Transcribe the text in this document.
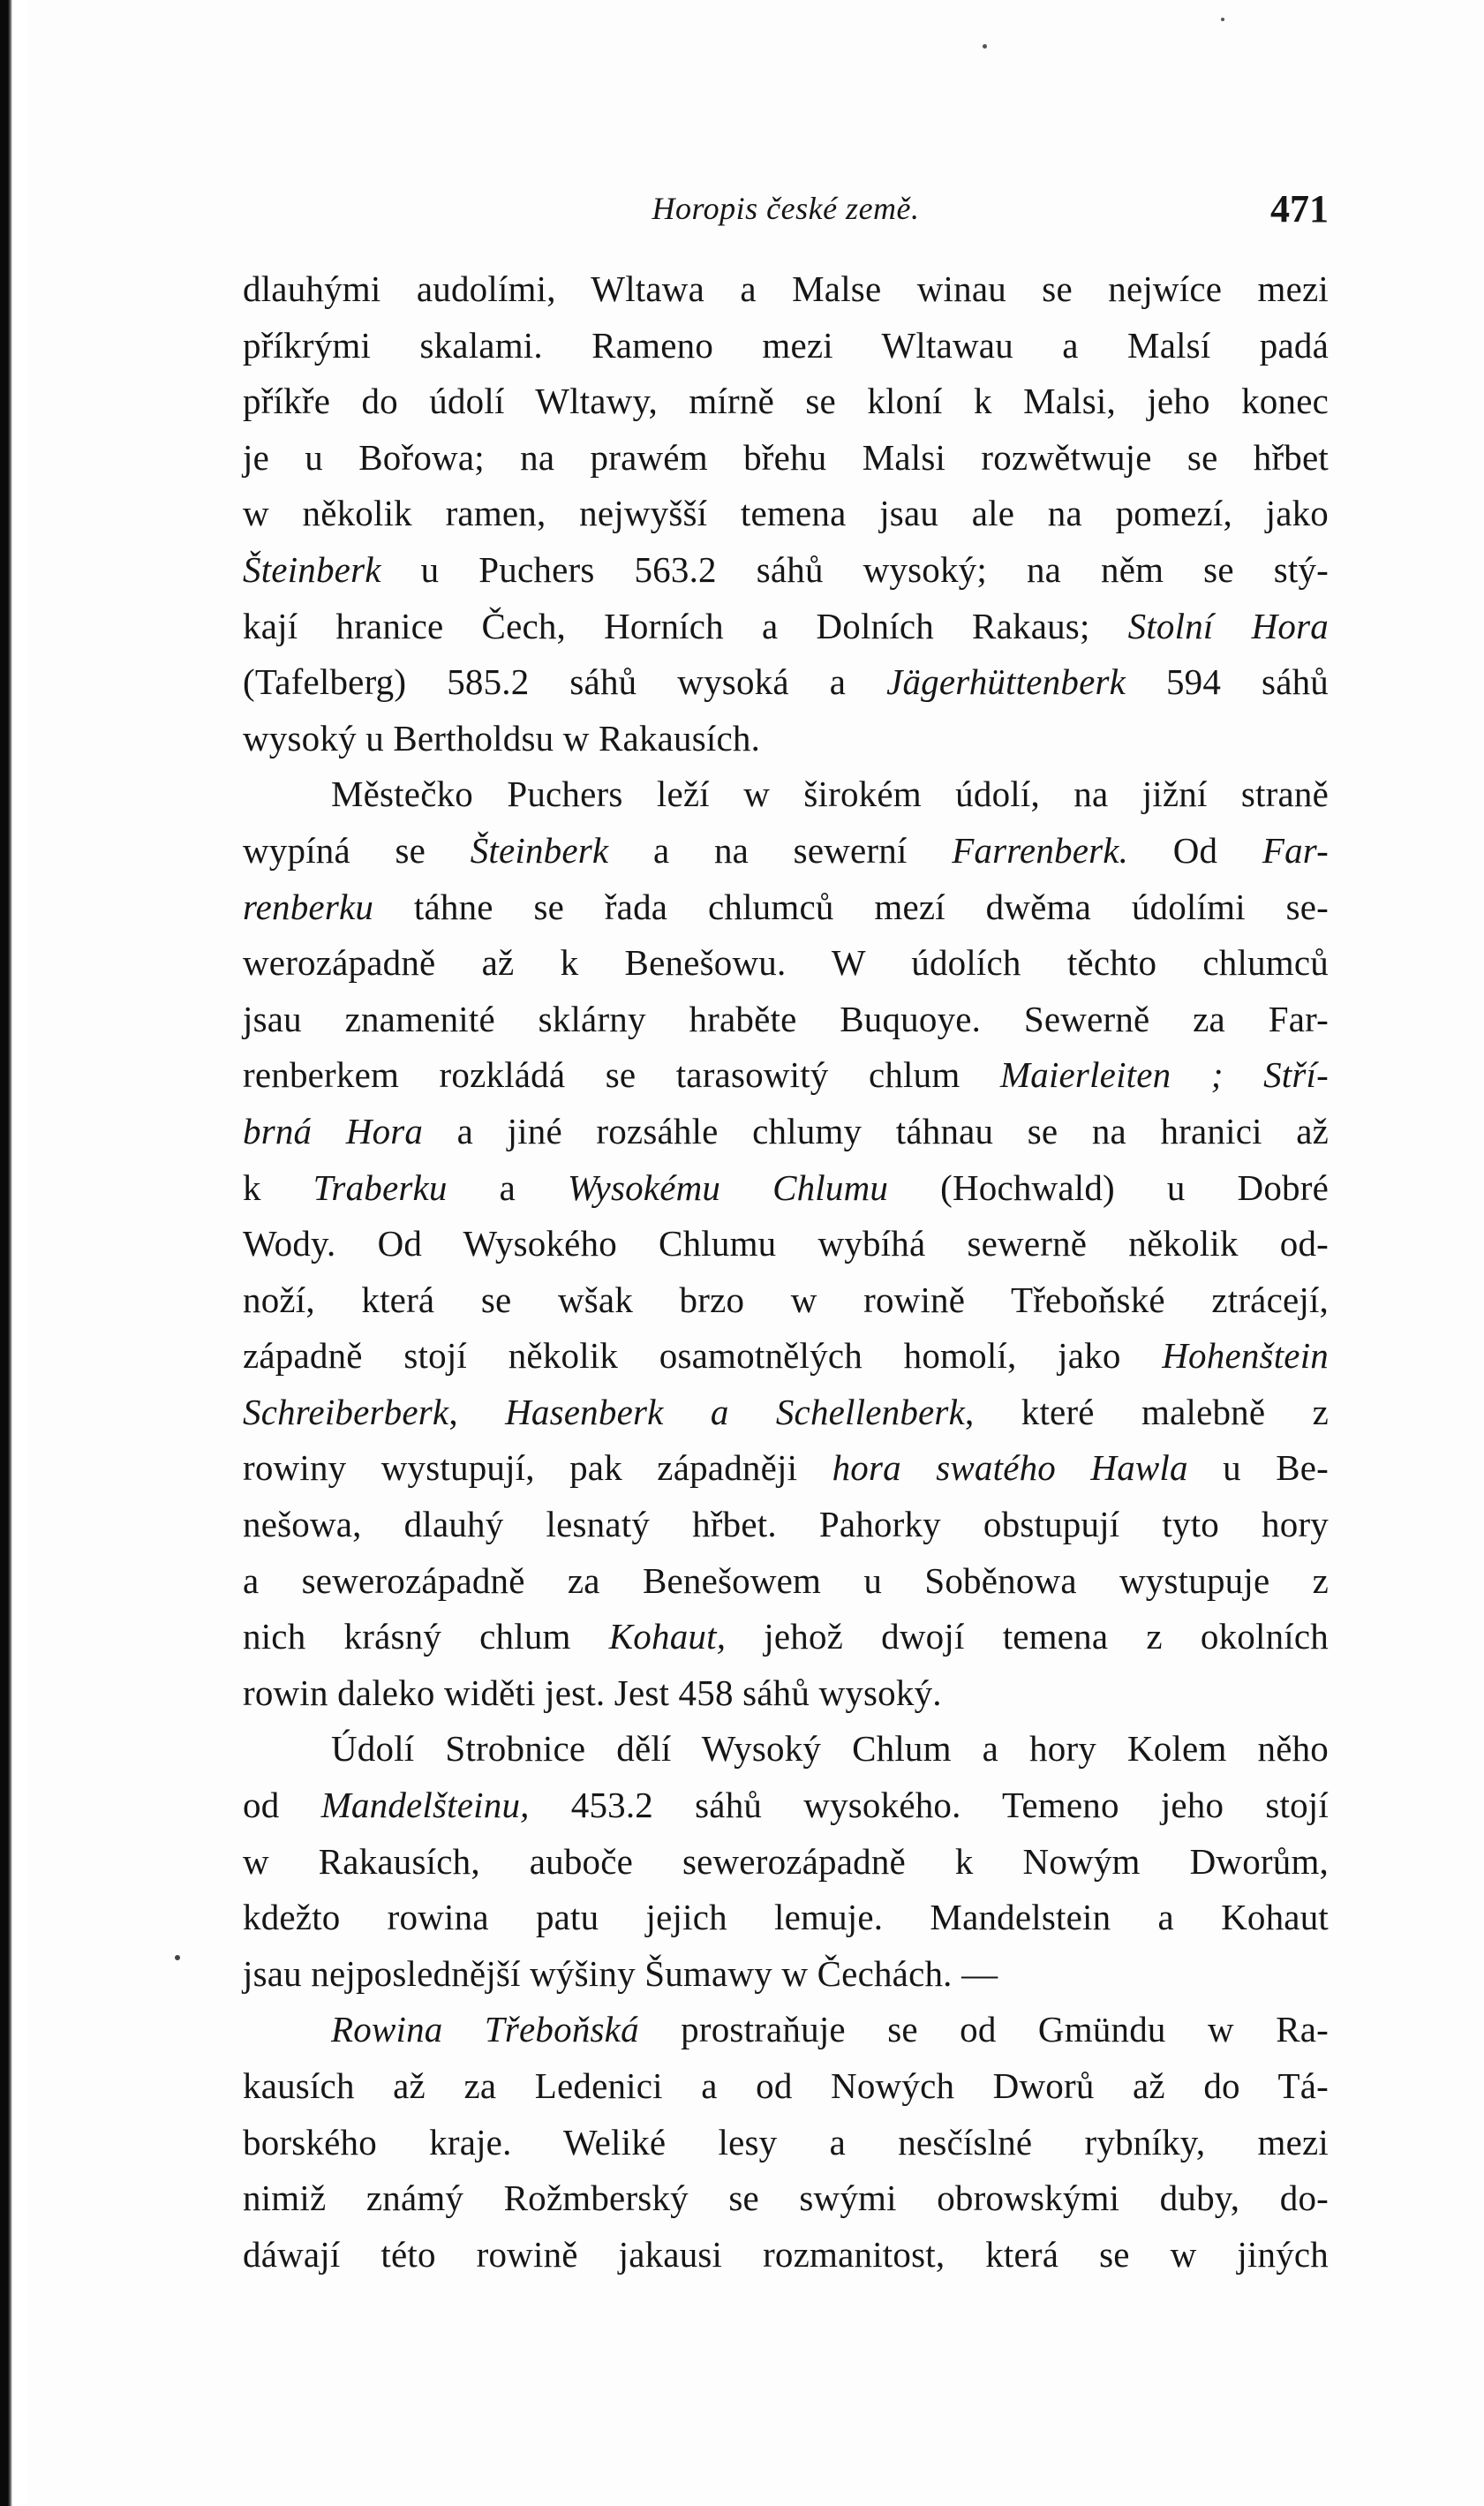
Horopis české země.	471
dlauhými audolími, Wltawa a Malse winau se nejwíce mezi
příkrými skalami. Rameno mezi Wltawau a Malsí padá
příkře do údolí Wltawy, mírně se kloní k Malsi, jeho konec
je u Bořowa; na prawém břehu Malsi rozwětwuje se hřbet
w několik ramen, nejwyšší temena jsau ale na pomezí, jako
Šteinberk u Puchers 563.2 sáhů wysoký; na něm se stý-
kají hranice Čech, Horních a Dolních Rakaus; Stolní Hora
(Tafelberg) 585.2 sáhů wysoká a Jägerhüttenberk 594 sáhů
wysoký u Bertholdsu w Rakausích.
Městečko Puchers leží w širokém údolí, na jižní straně
wypíná se Šteinberk a na sewerní Farrenberk. Od Far-
renberku táhne se řada chlumců mezí dwěma údolími se-
werozápadně až k Benešowu. W údolích těchto chlumců
jsau znamenité sklárny hraběte Buquoye. Sewerně za Far-
renberkem rozkládá se tarasowitý chlum Maierleiten ; Stří-
brná Hora a jiné rozsáhle chlumy táhnau se na hranici až
k Traberku a Wysokému Chlumu (Hochwald) u Dobré
Wody. Od Wysokého Chlumu wybíhá sewerně několik od-
noží, která se wšak brzo w rowině Třeboňské ztrácejí,
západně stojí několik osamotnělých homolí, jako Hohenštein
Schreiberberk, Hasenberk a Schellenberk, které malebně z
rowiny wystupují, pak západněji hora swatého Hawla u Be-
nešowa, dlauhý lesnatý hřbet. Pahorky obstupují tyto hory
a sewerozápadně za Benešowem u Soběnowa wystupuje z
nich krásný chlum Kohaut, jehož dwojí temena z okolních
rowin daleko widěti jest. Jest 458 sáhů wysoký.
Údolí Strobnice dělí Wysoký Chlum a hory Kolem něho
od Mandelšteinu, 453.2 sáhů wysokého. Temeno jeho stojí
w Rakausích, auboče sewerozápadně k Nowým Dworům,
kdežto rowina patu jejich lemuje. Mandelstein a Kohaut
jsau nejposlednější wýšiny Šumawy w Čechách. —
Rowina Třeboňská prostraňuje se od Gmündu w Ra-
kausích až za Ledenici a od Nowých Dworů až do Tá-
borského kraje. Weliké lesy a nesčíslné rybníky, mezi
nimiž známý Rožmberský se swými obrowskými duby, do-
dáwají této rowině jakausi rozmanitost, která se w jiných
